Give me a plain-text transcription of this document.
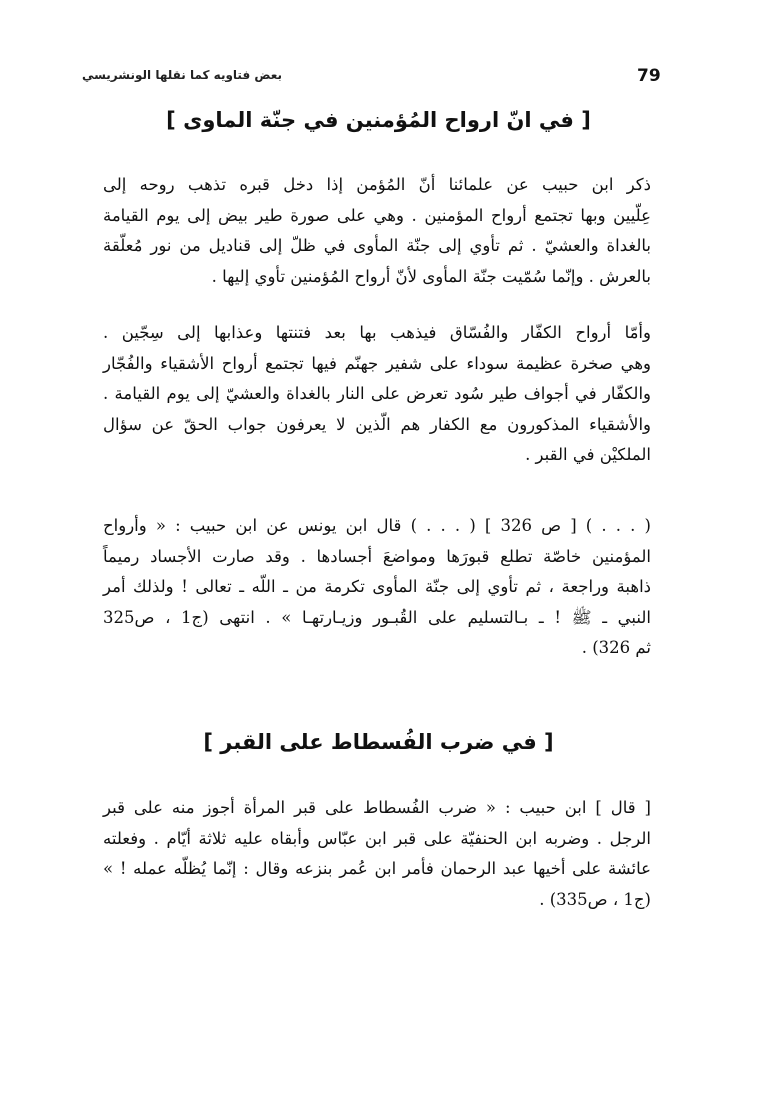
79
بعض فتاويه كما نقلها الونشريسي
[ في انّ ارواح المُؤمنين في جنّة الماوى ]
ذكر ابن حبيب عن علمائنا أنّ المُؤمن إذا دخل قبره تذهب روحه إلى
عِلّيين وبها تجتمع أرواح المؤمنين . وهي على صورة طير بيض إلى يوم القيامة
بالغداة والعشيّ . ثم تأوي إلى جنّة المأوى في ظلّ إلى قناديل من نور مُعلّقة
بالعرش . وإنّما سُمّيت جنّة المأوى لأنّ أرواح المُؤمنين تأوي إليها .
وأمّا أرواح الكفّار والفُسّاق فيذهب بها بعد فتنتها وعذابها إلى سِجّين .
وهي صخرة عظيمة سوداء على شفير جهنّم فيها تجتمع أرواح الأشقياء والفُجّار
والكفّار في أجواف طير سُود تعرض على النار بالغداة والعشيّ إلى يوم القيامة .
والأشقياء المذكورون مع الكفار هم الّذين لا يعرفون جواب الحقّ عن سؤال
الملكيْن في القبر .
( . . . ) [ ص 326 ] ( . . . ) قال ابن يونس عن ابن حبيب : « وأرواح
المؤمنين خاصّة تطلع قبورَها ومواضعَ أجسادها . وقد صارت الأجساد رميماً
ذاهبة وراجعة ، ثم تأوي إلى جنّة المأوى تكرمة من ـ اللّه ـ تعالى ! ولذلك أمر
النبي ـ ﷺ ! ـ بـالتسليم على القُبـور وزيـارتهـا » . انتهى (ج1 ، ص325
ثم 326) .
[ في ضرب الفُسطاط على القبر ]
[ قال ] ابن حبيب : « ضرب الفُسطاط على قبر المرأة أجوز منه على قبر
الرجل . وضربه ابن الحنفيّة على قبر ابن عبّاس وأبقاه عليه ثلاثة أيّام . وفعلته
عائشة على أخيها عبد الرحمان فأمر ابن عُمر بنزعه وقال : إنّما يُظلّه عمله ! »
(ج1 ، ص335) .
